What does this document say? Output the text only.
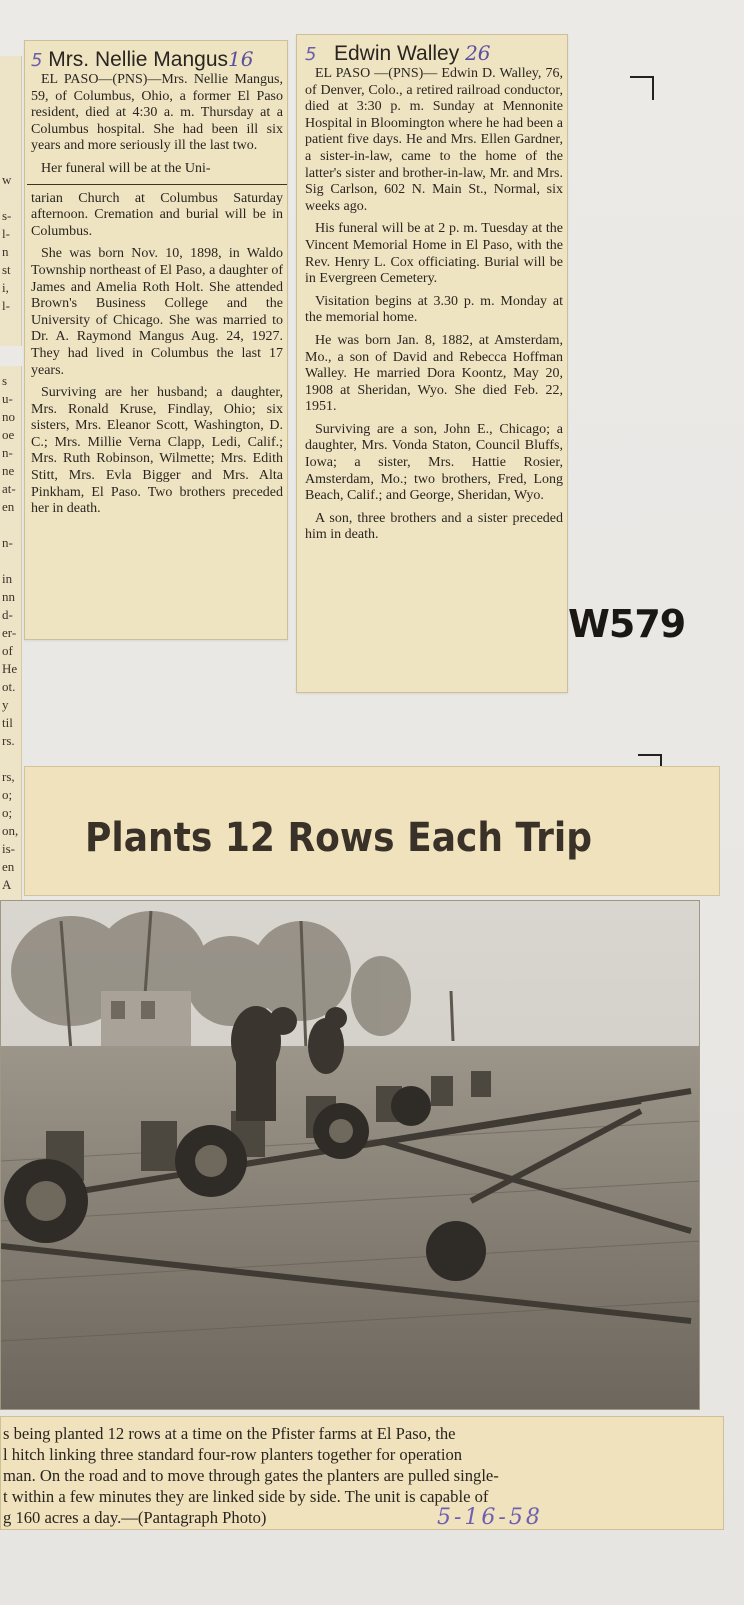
w

s-
l-
n
st
i,
l-
s
u-
no
oe
n-
ne
at-
en

n-

in
nn
d-
er-
of
He
ot.
y
til
rs.

rs,
o;
o;
on,
is-
en
A

5 Mrs. Nellie Mangus16

EL PASO—(PNS)—Mrs. Nellie Mangus, 59, of Columbus, Ohio, a former El Paso resident, died at 4:30 a. m. Thursday at a Columbus hospital. She had been ill six years and more seriously ill the last two.

Her funeral will be at the Uni-

tarian Church at Columbus Saturday afternoon. Cremation and burial will be in Columbus.

She was born Nov. 10, 1898, in Waldo Township northeast of El Paso, a daughter of James and Amelia Roth Holt. She attended Brown's Business College and the University of Chicago. She was married to Dr. A. Raymond Mangus Aug. 24, 1927. They had lived in Columbus the last 17 years.

Surviving are her husband; a daughter, Mrs. Ronald Kruse, Findlay, Ohio; six sisters, Mrs. Eleanor Scott, Washington, D. C.; Mrs. Millie Verna Clapp, Ledi, Calif.; Mrs. Ruth Robinson, Wilmette; Mrs. Edith Stitt, Mrs. Evla Bigger and Mrs. Alta Pinkham, El Paso. Two brothers preceded her in death.

5 Edwin Walley 26

EL PASO —(PNS)— Edwin D. Walley, 76, of Denver, Colo., a retired railroad conductor, died at 3:30 p. m. Sunday at Mennonite Hospital in Bloomington where he had been a patient five days. He and Mrs. Ellen Gardner, a sister-in-law, came to the home of the latter's sister and brother-in-law, Mr. and Mrs. Sig Carlson, 602 N. Main St., Normal, six weeks ago.

His funeral will be at 2 p. m. Tuesday at the Vincent Memorial Home in El Paso, with the Rev. Henry L. Cox officiating. Burial will be in Evergreen Cemetery.

Visitation begins at 3.30 p. m. Monday at the memorial home.

He was born Jan. 8, 1882, at Amsterdam, Mo., a son of David and Rebecca Hoffman Walley. He married Dora Koontz, May 20, 1908 at Sheridan, Wyo. She died Feb. 22, 1951.

Surviving are a son, John E., Chicago; a daughter, Mrs. Vonda Staton, Council Bluffs, Iowa; a sister, Mrs. Hattie Rosier, Amsterdam, Mo.; two brothers, Fred, Long Beach, Calif.; and George, Sheridan, Wyo.

A son, three brothers and a sister preceded him in death.

W579
Plants 12 Rows Each Trip
s being planted 12 rows at a time on the Pfister farms at El Paso, the
l hitch linking three standard four-row planters together for operation
man. On the road and to move through gates the planters are pulled single-
t within a few minutes they are linked side by side. The unit is capable of
g 160 acres a day.—(Pantagraph Photo)	5-16-58
